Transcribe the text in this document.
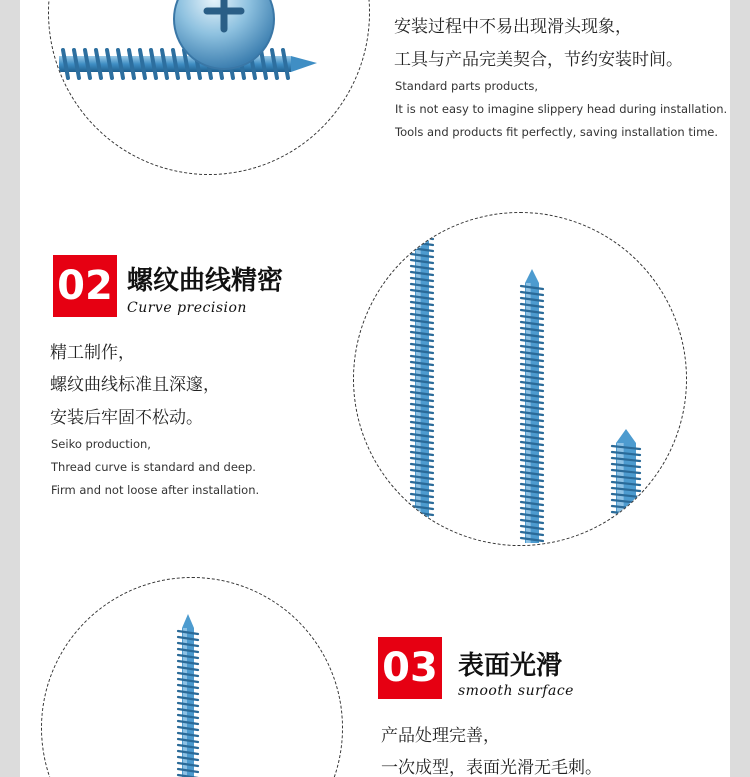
安装过程中不易出现滑头现象，
工具与产品完美契合，节约安装时间。
Standard parts products,
It is not easy to imagine slippery head during installation.
Tools and products fit perfectly, saving installation time.
02 螺纹曲线精密
Curve precision
精工制作，
螺纹曲线标准且深邃，
安装后牢固不松动。
Seiko production,
Thread curve is standard and deep.
Firm and not loose after installation.
03 表面光滑
smooth surface
产品处理完善，
一次成型，表面光滑无毛刺。
